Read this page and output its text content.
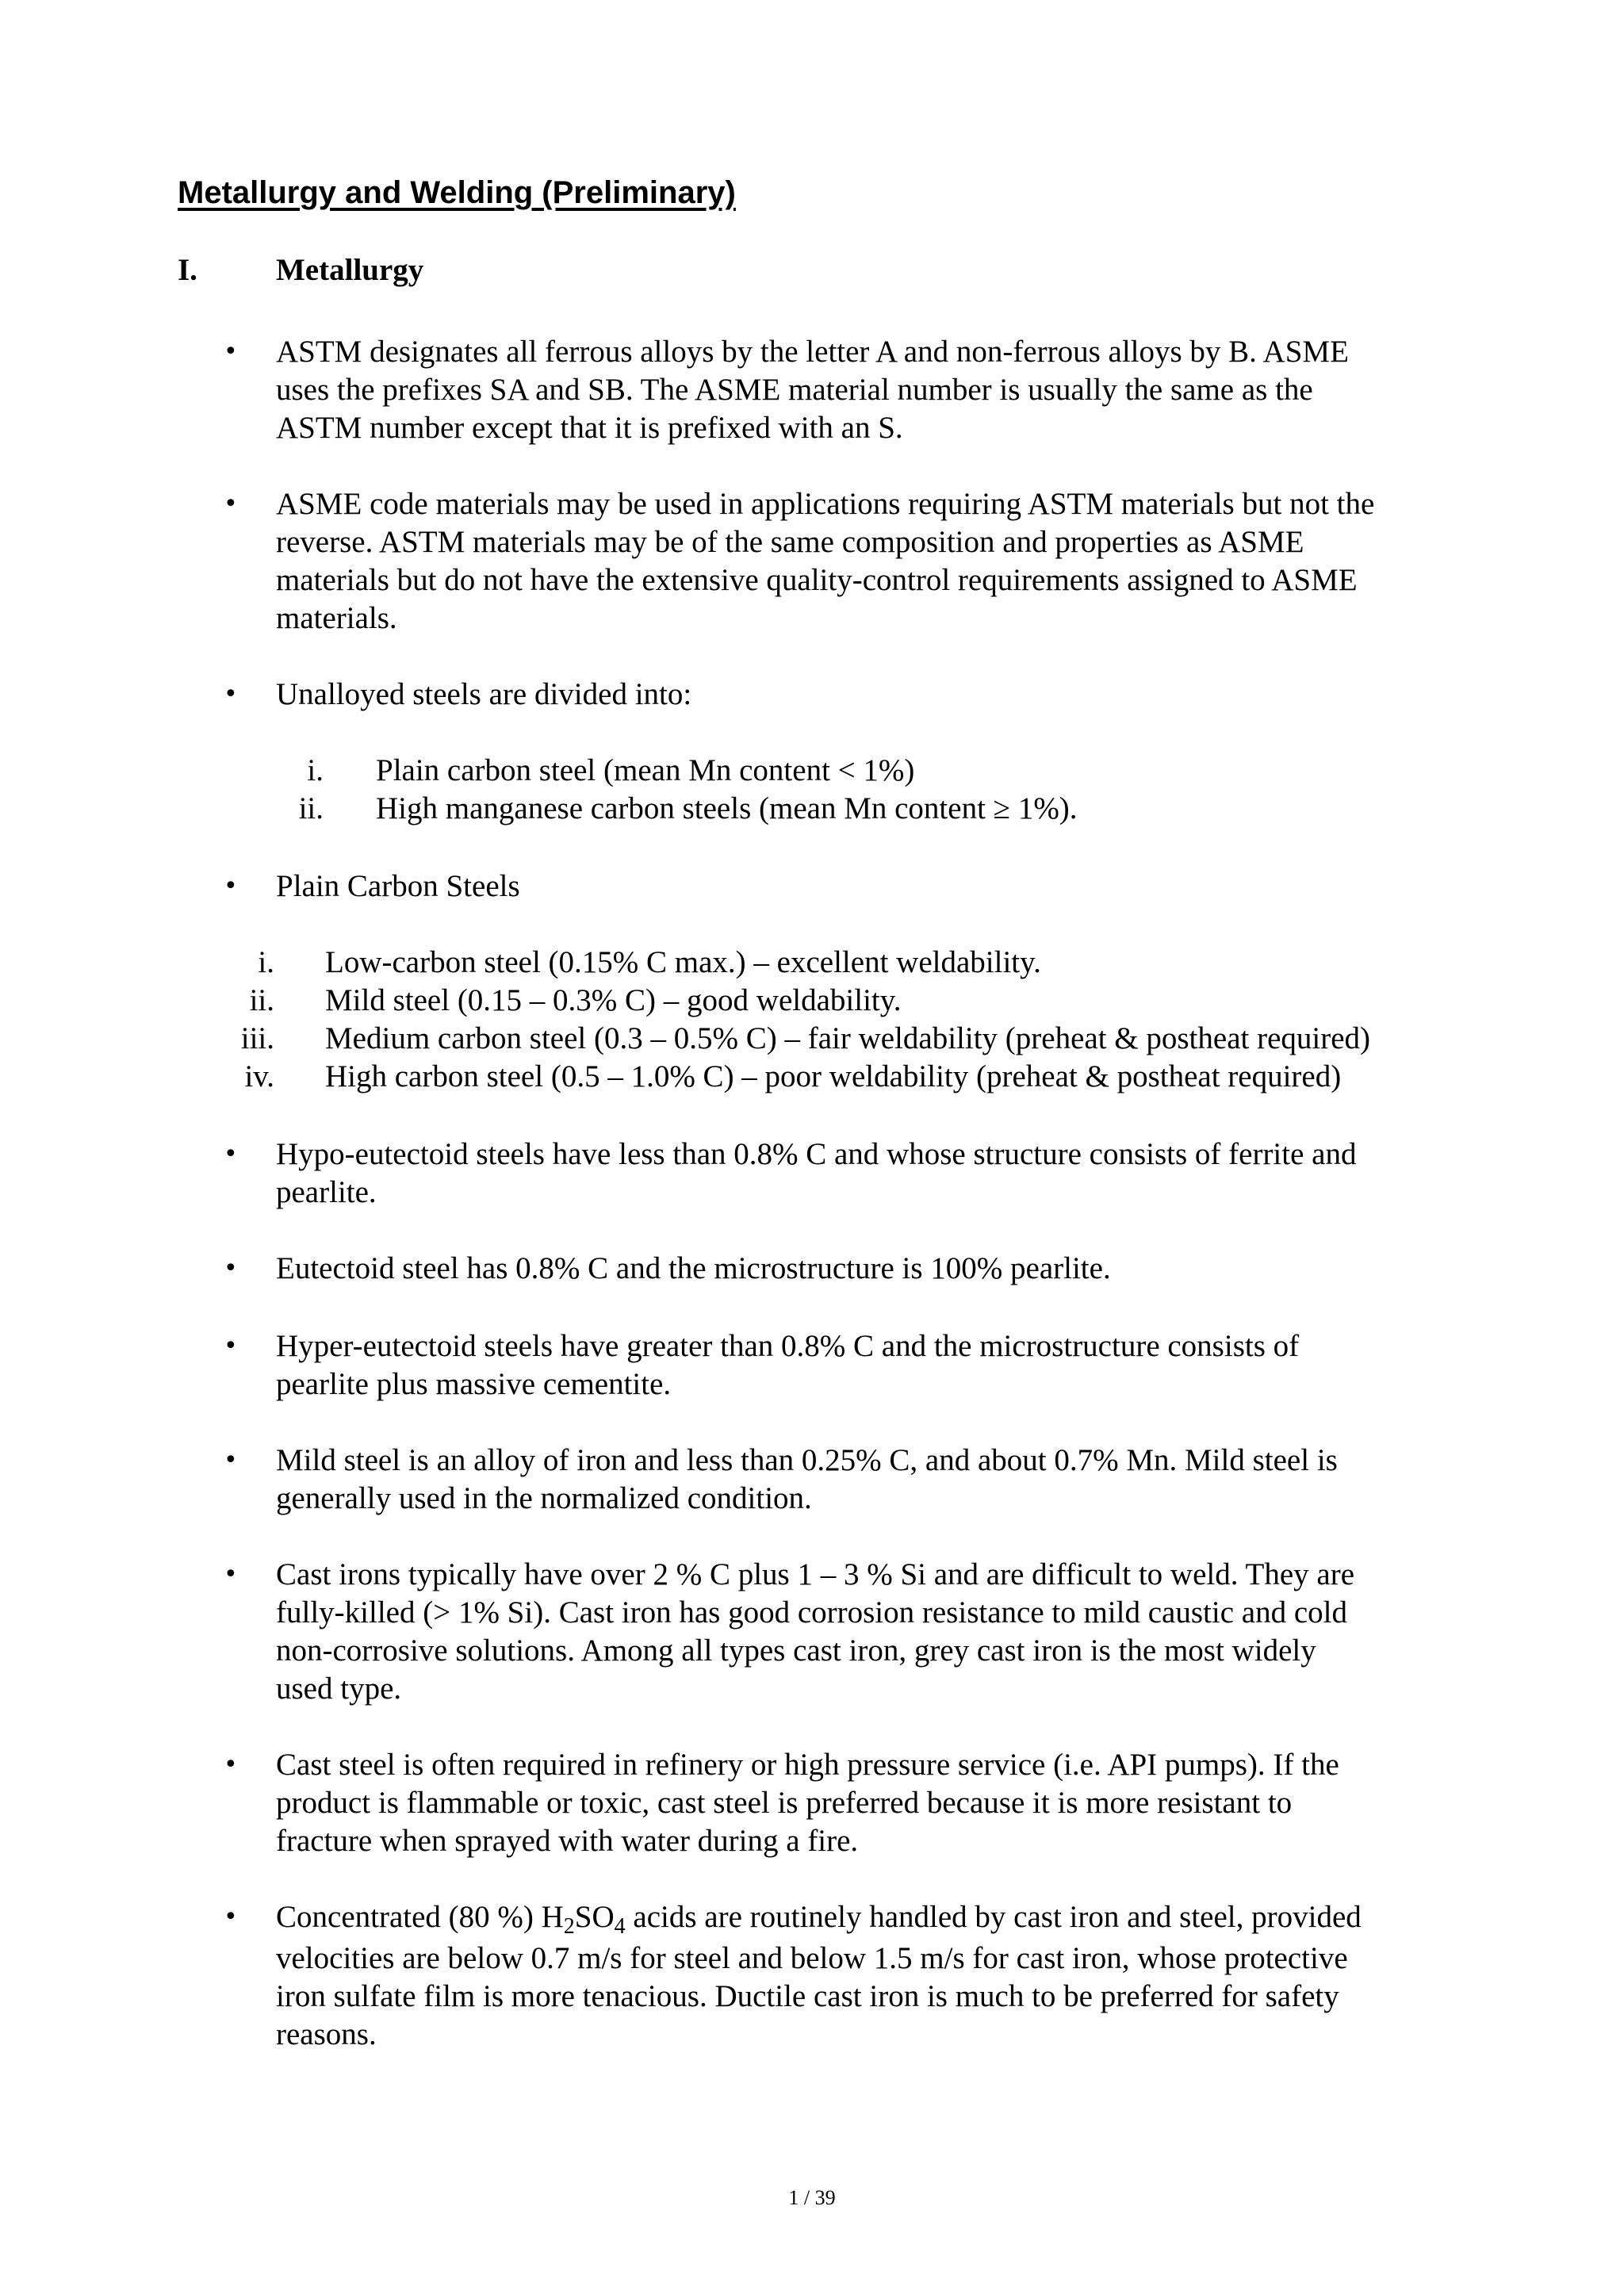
Metallurgy and Welding (Preliminary)
I.	Metallurgy
• ASTM designates all ferrous alloys by the letter A and non-ferrous alloys by B. ASME
uses the prefixes SA and SB. The ASME material number is usually the same as the
ASTM number except that it is prefixed with an S.
• ASME code materials may be used in applications requiring ASTM materials but not the
reverse. ASTM materials may be of the same composition and properties as ASME
materials but do not have the extensive quality-control requirements assigned to ASME
materials.
• Unalloyed steels are divided into:
i. Plain carbon steel (mean Mn content < 1%)
ii. High manganese carbon steels (mean Mn content ≥ 1%).
• Plain Carbon Steels
i. Low-carbon steel (0.15% C max.) – excellent weldability.
ii. Mild steel (0.15 – 0.3% C) – good weldability.
iii. Medium carbon steel (0.3 – 0.5% C) – fair weldability (preheat & postheat required)
iv. High carbon steel (0.5 – 1.0% C) – poor weldability (preheat & postheat required)
• Hypo-eutectoid steels have less than 0.8% C and whose structure consists of ferrite and
pearlite.
• Eutectoid steel has 0.8% C and the microstructure is 100% pearlite.
• Hyper-eutectoid steels have greater than 0.8% C and the microstructure consists of
pearlite plus massive cementite.
• Mild steel is an alloy of iron and less than 0.25% C, and about 0.7% Mn. Mild steel is
generally used in the normalized condition.
• Cast irons typically have over 2 % C plus 1 – 3 % Si and are difficult to weld. They are
fully-killed (> 1% Si). Cast iron has good corrosion resistance to mild caustic and cold
non-corrosive solutions. Among all types cast iron, grey cast iron is the most widely
used type.
• Cast steel is often required in refinery or high pressure service (i.e. API pumps). If the
product is flammable or toxic, cast steel is preferred because it is more resistant to
fracture when sprayed with water during a fire.
• Concentrated (80 %) $H_2SO_4$ acids are routinely handled by cast iron and steel, provided
velocities are below 0.7 m/s for steel and below 1.5 m/s for cast iron, whose protective
iron sulfate film is more tenacious. Ductile cast iron is much to be preferred for safety
reasons.
1 / 39
